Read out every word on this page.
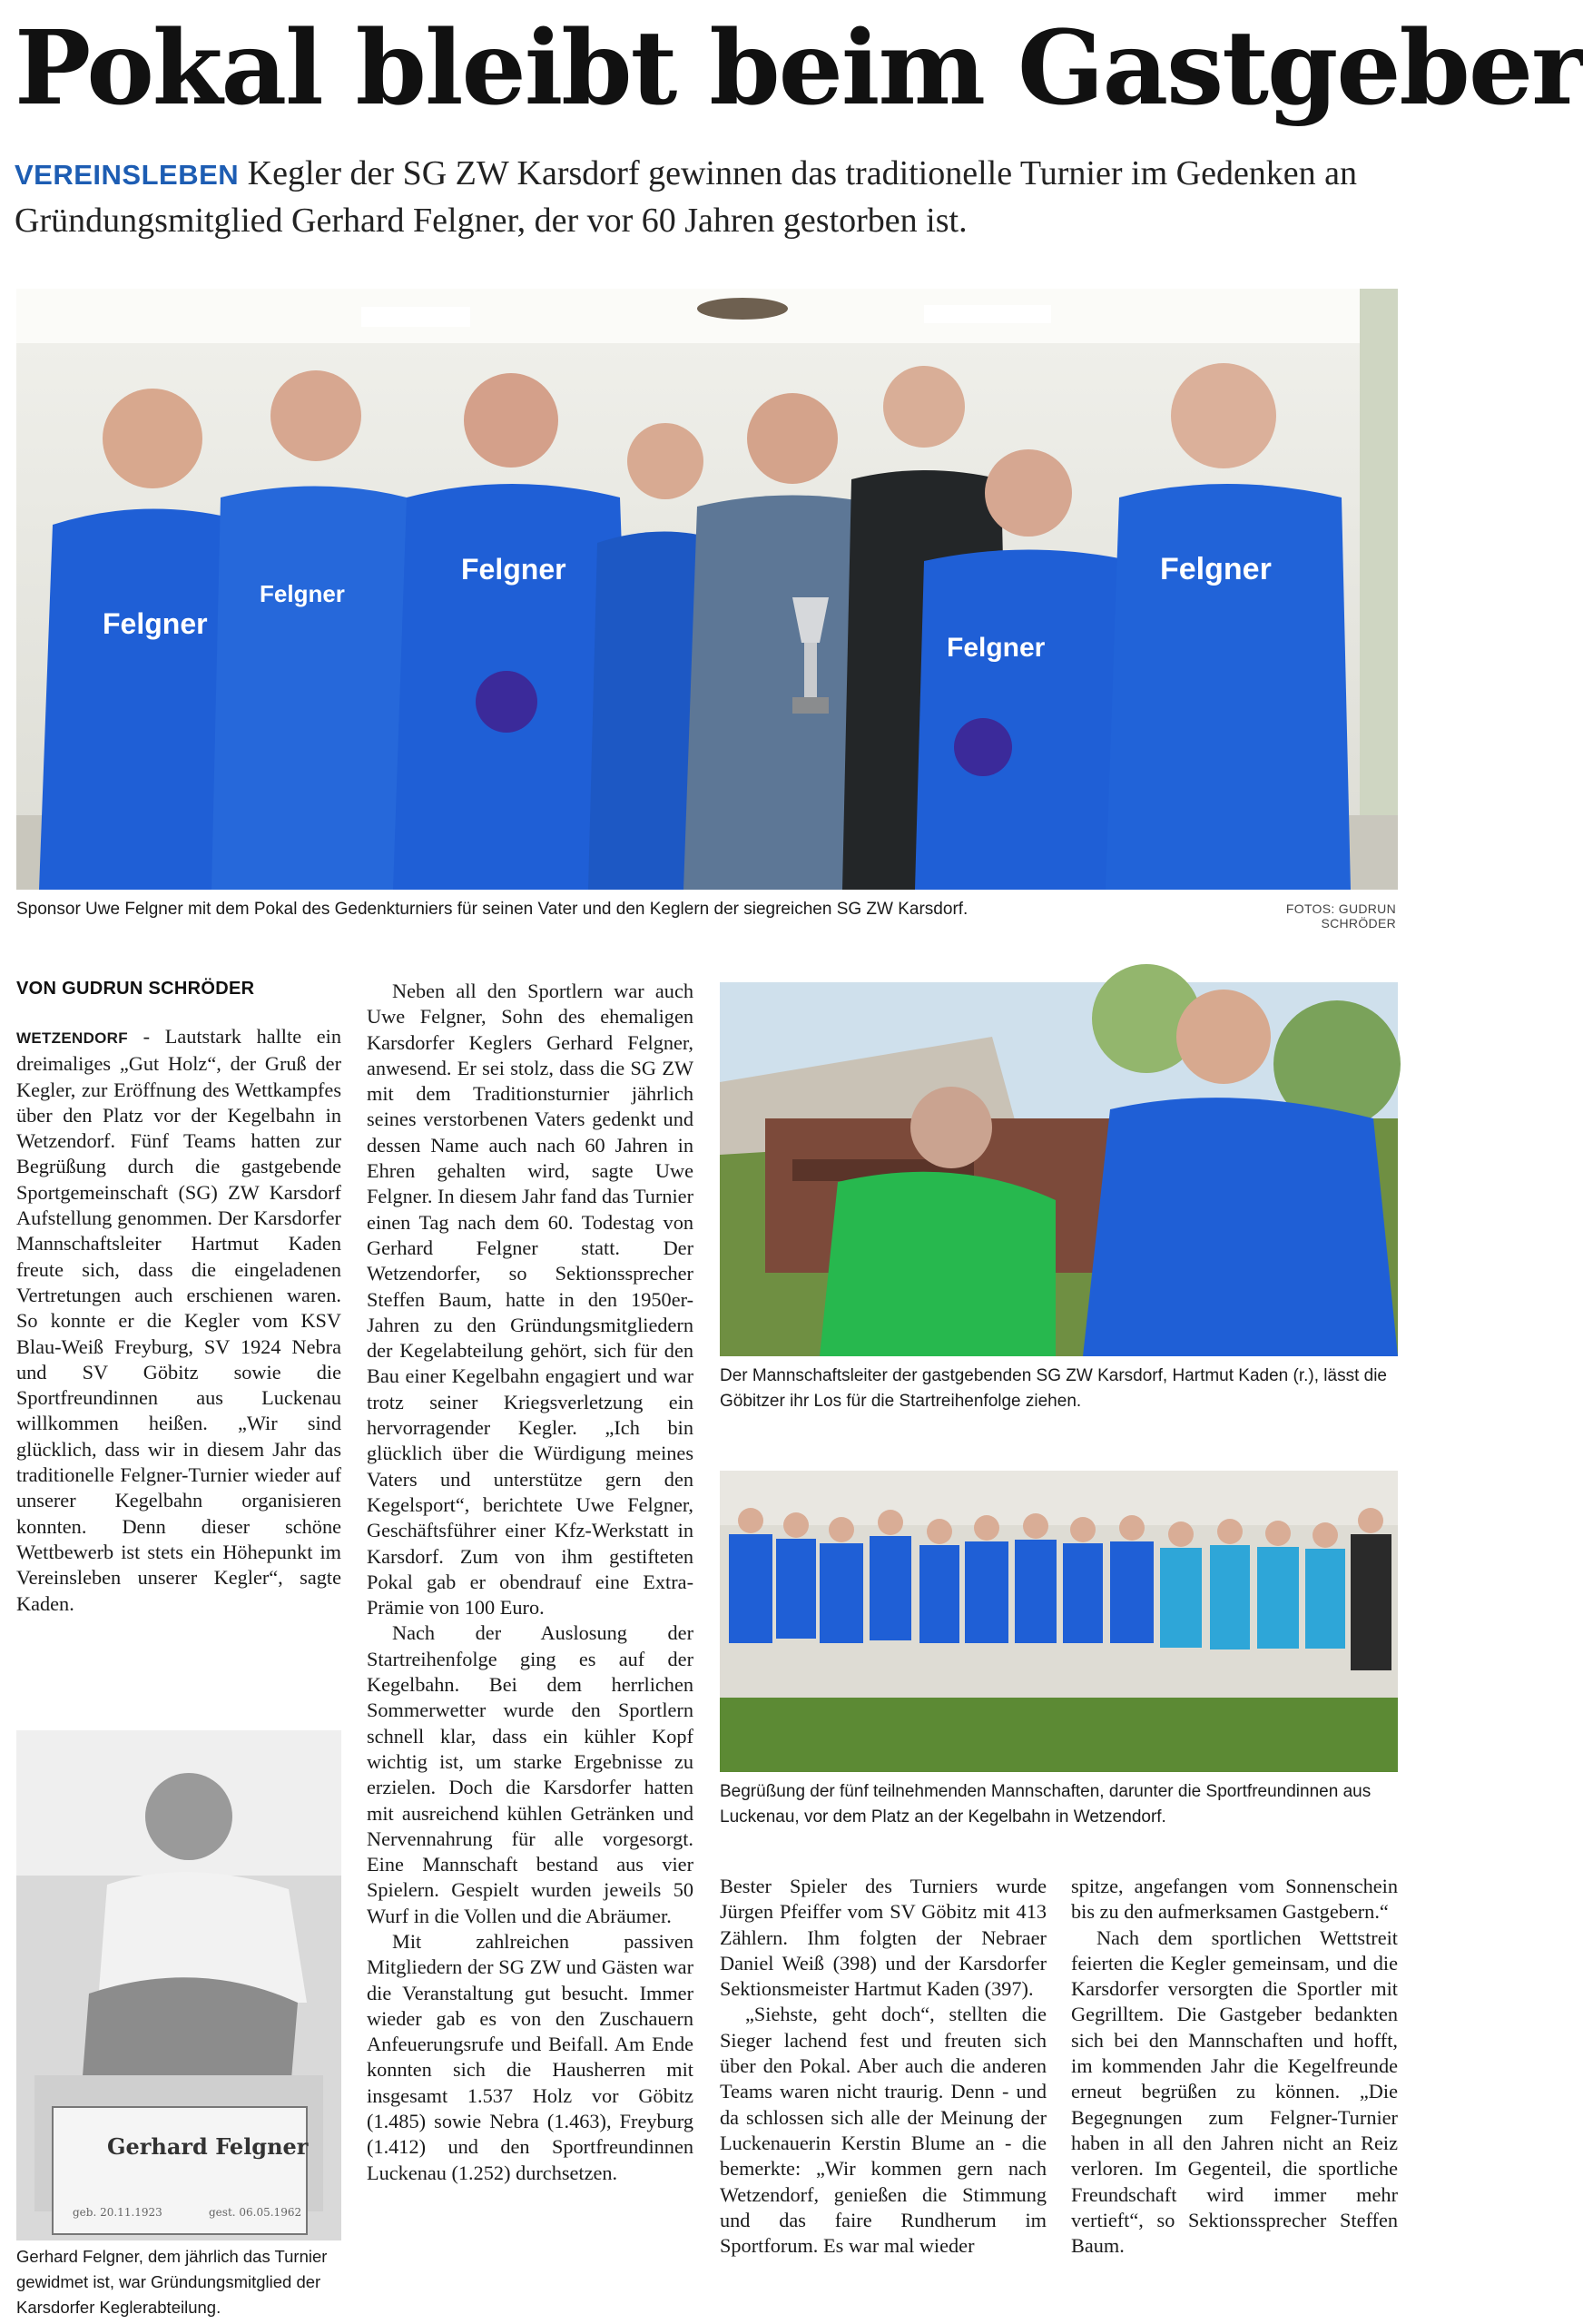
Pokal bleibt beim Gastgeber
VEREINSLEBEN Kegler der SG ZW Karsdorf gewinnen das traditionelle Turnier im Gedenken an Gründungsmitglied Gerhard Felgner, der vor 60 Jahren gestorben ist.
Felgner
Felgner
Felgner
Felgner
Felgner
Sponsor Uwe Felgner mit dem Pokal des Gedenkturniers für seinen Vater und den Keglern der siegreichen SG ZW Karsdorf.	FOTOS: GUDRUN SCHRÖDER
VON GUDRUN SCHRÖDER

WETZENDORF - Lautstark hallte ein dreimaliges „Gut Holz“, der Gruß der Kegler, zur Eröffnung des Wettkampfes über den Platz vor der Kegelbahn in Wetzendorf. Fünf Teams hatten zur Begrüßung durch die gastgebende Sportgemeinschaft (SG) ZW Karsdorf Aufstellung genommen. Der Karsdorfer Mannschaftsleiter Hartmut Kaden freute sich, dass die eingeladenen Vertretungen auch erschienen waren. So konnte er die Kegler vom KSV Blau-Weiß Freyburg, SV 1924 Nebra und SV Göbitz sowie die Sportfreundinnen aus Luckenau willkommen heißen. „Wir sind glücklich, dass wir in diesem Jahr das traditionelle Felgner-Turnier wieder auf unserer Kegelbahn organisieren konnten. Denn dieser schöne Wettbewerb ist stets ein Höhepunkt im Vereinsleben unserer Kegler“, sagte Kaden.

Gerhard Felgner
geb. 20.11.1923	gest. 06.05.1962
Gerhard Felgner, dem jährlich das Turnier gewidmet ist, war Gründungsmitglied der Karsdorfer Keglerabteilung.

Neben all den Sportlern war auch Uwe Felgner, Sohn des ehemaligen Karsdorfer Keglers Gerhard Felgner, anwesend. Er sei stolz, dass die SG ZW mit dem Traditionsturnier jährlich seines verstorbenen Vaters gedenkt und dessen Name auch nach 60 Jahren in Ehren gehalten wird, sagte Uwe Felgner. In diesem Jahr fand das Turnier einen Tag nach dem 60. Todestag von Gerhard Felgner statt. Der Wetzendorfer, so Sektionssprecher Steffen Baum, hatte in den 1950er-Jahren zu den Gründungsmitgliedern der Kegelabteilung gehört, sich für den Bau einer Kegelbahn engagiert und war trotz seiner Kriegsverletzung ein hervorragender Kegler. „Ich bin glücklich über die Würdigung meines Vaters und unterstütze gern den Kegelsport“, berichtete Uwe Felgner, Geschäftsführer einer Kfz-Werkstatt in Karsdorf. Zum von ihm gestifteten Pokal gab er obendrauf eine Extra-Prämie von 100 Euro.

Nach der Auslosung der Startreihenfolge ging es auf der Kegelbahn. Bei dem herrlichen Sommerwetter wurde den Sportlern schnell klar, dass ein kühler Kopf wichtig ist, um starke Ergebnisse zu erzielen. Doch die Karsdorfer hatten mit ausreichend kühlen Getränken und Nervennahrung für alle vorgesorgt. Eine Mannschaft bestand aus vier Spielern. Gespielt wurden jeweils 50 Wurf in die Vollen und die Abräumer.

Mit zahlreichen passiven Mitgliedern der SG ZW und Gästen war die Veranstaltung gut besucht. Immer wieder gab es von den Zuschauern Anfeuerungsrufe und Beifall. Am Ende konnten sich die Hausherren mit insgesamt 1.537 Holz vor Göbitz (1.485) sowie Nebra (1.463), Freyburg (1.412) und den Sportfreundinnen Luckenau (1.252) durchsetzen.

Der Mannschaftsleiter der gastgebenden SG ZW Karsdorf, Hartmut Kaden (r.), lässt die Göbitzer ihr Los für die Startreihenfolge ziehen.
Begrüßung der fünf teilnehmenden Mannschaften, darunter die Sportfreundinnen aus Luckenau, vor dem Platz an der Kegelbahn in Wetzendorf.

Bester Spieler des Turniers wurde Jürgen Pfeiffer vom SV Göbitz mit 413 Zählern. Ihm folgten der Nebraer Daniel Weiß (398) und der Karsdorfer Sektionsmeister Hartmut Kaden (397).

„Siehste, geht doch“, stellten die Sieger lachend fest und freuten sich über den Pokal. Aber auch die anderen Teams waren nicht traurig. Denn - und da schlossen sich alle der Meinung der Luckenauerin Kerstin Blume an - die bemerkte: „Wir kommen gern nach Wetzendorf, genießen die Stimmung und das faire Rundherum im Sportforum. Es war mal wieder

spitze, angefangen vom Sonnenschein bis zu den aufmerksamen Gastgebern.“

Nach dem sportlichen Wettstreit feierten die Kegler gemeinsam, und die Karsdorfer versorgten die Sportler mit Gegrilltem. Die Gastgeber bedankten sich bei den Mannschaften und hofft, im kommenden Jahr die Kegelfreunde erneut begrüßen zu können. „Die Begegnungen zum Felgner-Turnier haben in all den Jahren nicht an Reiz verloren. Im Gegenteil, die sportliche Freundschaft wird immer mehr vertieft“, so Sektionssprecher Steffen Baum.
